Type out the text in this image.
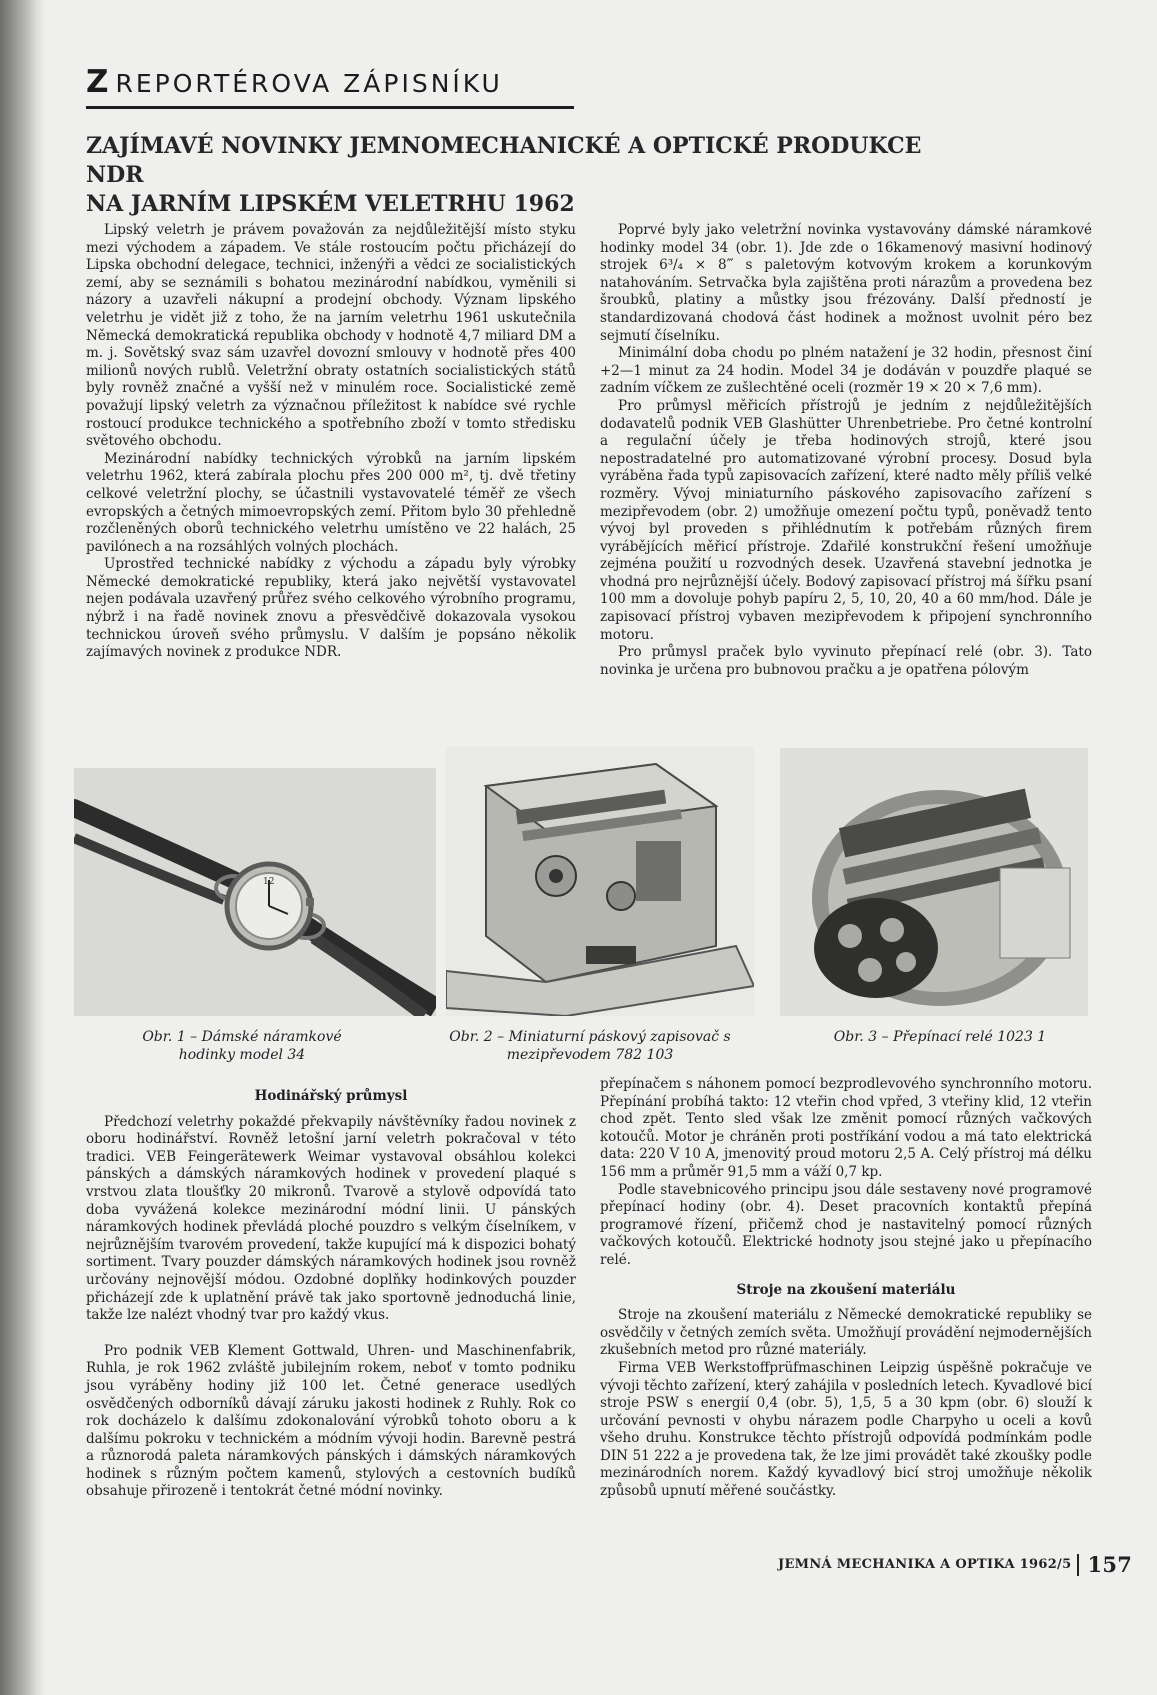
Z REPORTÉROVA ZÁPISNÍKU
ZAJÍMAVÉ NOVINKY JEMNOMECHANICKÉ A OPTICKÉ PRODUKCE NDR
NA JARNÍM LIPSKÉM VELETRHU 1962

Lipský veletrh je právem považován za nejdůležitější místo styku mezi východem a západem. Ve stále rostoucím počtu přicházejí do Lipska obchodní delegace, technici, inženýři a vědci ze socialistických zemí, aby se seznámili s bohatou mezinárodní nabídkou, vyměnili si názory a uzavřeli nákupní a prodejní obchody. Význam lipského veletrhu je vidět již z toho, že na jarním veletrhu 1961 uskutečnila Německá demokratická republika obchody v hodnotě 4,7 miliard DM a m. j. Sovětský svaz sám uzavřel dovozní smlouvy v hodnotě přes 400 milionů nových rublů. Veletržní obraty ostatních socialistických států byly rovněž značné a vyšší než v minulém roce. Socialistické země považují lipský veletrh za význačnou příležitost k nabídce své rychle rostoucí produkce technického a spotřebního zboží v tomto středisku světového obchodu.

Mezinárodní nabídky technických výrobků na jarním lipském veletrhu 1962, která zabírala plochu přes 200 000 m², tj. dvě třetiny celkové veletržní plochy, se účastnili vystavovatelé téměř ze všech evropských a četných mimoevropských zemí. Přitom bylo 30 přehledně rozčleněných oborů technického veletrhu umístěno ve 22 halách, 25 pavilónech a na rozsáhlých volných plochách.

Uprostřed technické nabídky z východu a západu byly výrobky Německé demokratické republiky, která jako největší vystavovatel nejen podávala uzavřený průřez svého celkového výrobního programu, nýbrž i na řadě novinek znovu a přesvědčivě dokazovala vysokou technickou úroveň svého průmyslu. V dalším je popsáno několik zajímavých novinek z produkce NDR.

Poprvé byly jako veletržní novinka vystavovány dámské náramkové hodinky model 34 (obr. 1). Jde zde o 16kamenový masivní hodinový strojek 6³/₄ × 8‴ s paletovým kotvovým krokem a korunkovým natahováním. Setrvačka byla zajištěna proti nárazům a provedena bez šroubků, platiny a můstky jsou frézovány. Další předností je standardizovaná chodová část hodinek a možnost uvolnit péro bez sejmutí číselníku.

Minimální doba chodu po plném natažení je 32 hodin, přesnost činí +2—1 minut za 24 hodin. Model 34 je dodáván v pouzdře plaqué se zadním víčkem ze zušlechtěné oceli (rozměr 19 × 20 × 7,6 mm).

Pro průmysl měřicích přístrojů je jedním z nejdůležitějších dodavatelů podnik VEB Glashütter Uhrenbetriebe. Pro četné kontrolní a regulační účely je třeba hodinových strojů, které jsou nepostradatelné pro automatizované výrobní procesy. Dosud byla vyráběna řada typů zapisovacích zařízení, které nadto měly příliš velké rozměry. Vývoj miniaturního páskového zapisovacího zařízení s mezipřevodem (obr. 2) umožňuje omezení počtu typů, poněvadž tento vývoj byl proveden s přihlédnutím k potřebám různých firem vyrábějících měřicí přístroje. Zdařilé konstrukční řešení umožňuje zejména použití u rozvodných desek. Uzavřená stavební jednotka je vhodná pro nejrůznější účely. Bodový zapisovací přístroj má šířku psaní 100 mm a dovoluje pohyb papíru 2, 5, 10, 20, 40 a 60 mm/hod. Dále je zapisovací přístroj vybaven mezipřevodem k připojení synchronního motoru.

Pro průmysl praček bylo vyvinuto přepínací relé (obr. 3). Tato novinka je určena pro bubnovou pračku a je opatřena pólovým

12
Obr. 1 – Dámské náramkové hodinky model 34
Obr. 2 – Miniaturní páskový zapisovač s mezipřevodem 782 103
Obr. 3 – Přepínací relé 1023 1
Hodinářský průmysl

Předchozí veletrhy pokaždé překvapily návštěvníky řadou novinek z oboru hodinářství. Rovněž letošní jarní veletrh pokračoval v této tradici. VEB Feingerätewerk Weimar vystavoval obsáhlou kolekci pánských a dámských náramkových hodinek v provedení plaqué s vrstvou zlata tloušťky 20 mikronů. Tvarově a stylově odpovídá tato doba vyvážená kolekce mezinárodní módní linii. U pánských náramkových hodinek převládá ploché pouzdro s velkým číselníkem, v nejrůznějším tvarovém provedení, takže kupující má k dispozici bohatý sortiment. Tvary pouzder dámských náramkových hodinek jsou rovněž určovány nejnovější módou. Ozdobné doplňky hodinkových pouzder přicházejí zde k uplatnění právě tak jako sportovně jednoduchá linie, takže lze nalézt vhodný tvar pro každý vkus.

Pro podnik VEB Klement Gottwald, Uhren- und Maschinenfabrik, Ruhla, je rok 1962 zvláště jubilejním rokem, neboť v tomto podniku jsou vyráběny hodiny již 100 let. Četné generace usedlých osvědčených odborníků dávají záruku jakosti hodinek z Ruhly. Rok co rok docházelo k dalšímu zdokonalování výrobků tohoto oboru a k dalšímu pokroku v technickém a módním vývoji hodin. Barevně pestrá a různorodá paleta náramkových pánských i dámských náramkových hodinek s různým počtem kamenů, stylových a cestovních budíků obsahuje přirozeně i tentokrát četné módní novinky.

přepínačem s náhonem pomocí bezprodlevového synchronního motoru. Přepínání probíhá takto: 12 vteřin chod vpřed, 3 vteřiny klid, 12 vteřin chod zpět. Tento sled však lze změnit pomocí různých vačkových kotoučů. Motor je chráněn proti postříkání vodou a má tato elektrická data: 220 V 10 A, jmenovitý proud motoru 2,5 A. Celý přístroj má délku 156 mm a průměr 91,5 mm a váží 0,7 kp.

Podle stavebnicového principu jsou dále sestaveny nové programové přepínací hodiny (obr. 4). Deset pracovních kontaktů přepíná programové řízení, přičemž chod je nastavitelný pomocí různých vačkových kotoučů. Elektrické hodnoty jsou stejné jako u přepínacího relé.

Stroje na zkoušení materiálu

Stroje na zkoušení materiálu z Německé demokratické republiky se osvědčily v četných zemích světa. Umožňují provádění nejmodernějších zkušebních metod pro různé materiály.

Firma VEB Werkstoffprüfmaschinen Leipzig úspěšně pokračuje ve vývoji těchto zařízení, který zahájila v posledních letech. Kyvadlové bicí stroje PSW s energií 0,4 (obr. 5), 1,5, 5 a 30 kpm (obr. 6) slouží k určování pevnosti v ohybu nárazem podle Charpyho u oceli a kovů všeho druhu. Konstrukce těchto přístrojů odpovídá podmínkám podle DIN 51 222 a je provedena tak, že lze jimi provádět také zkoušky podle mezinárodních norem. Každý kyvadlový bicí stroj umožňuje několik způsobů upnutí měřené součástky.

JEMNÁ MECHANIKA A OPTIKA 1962/5 157
